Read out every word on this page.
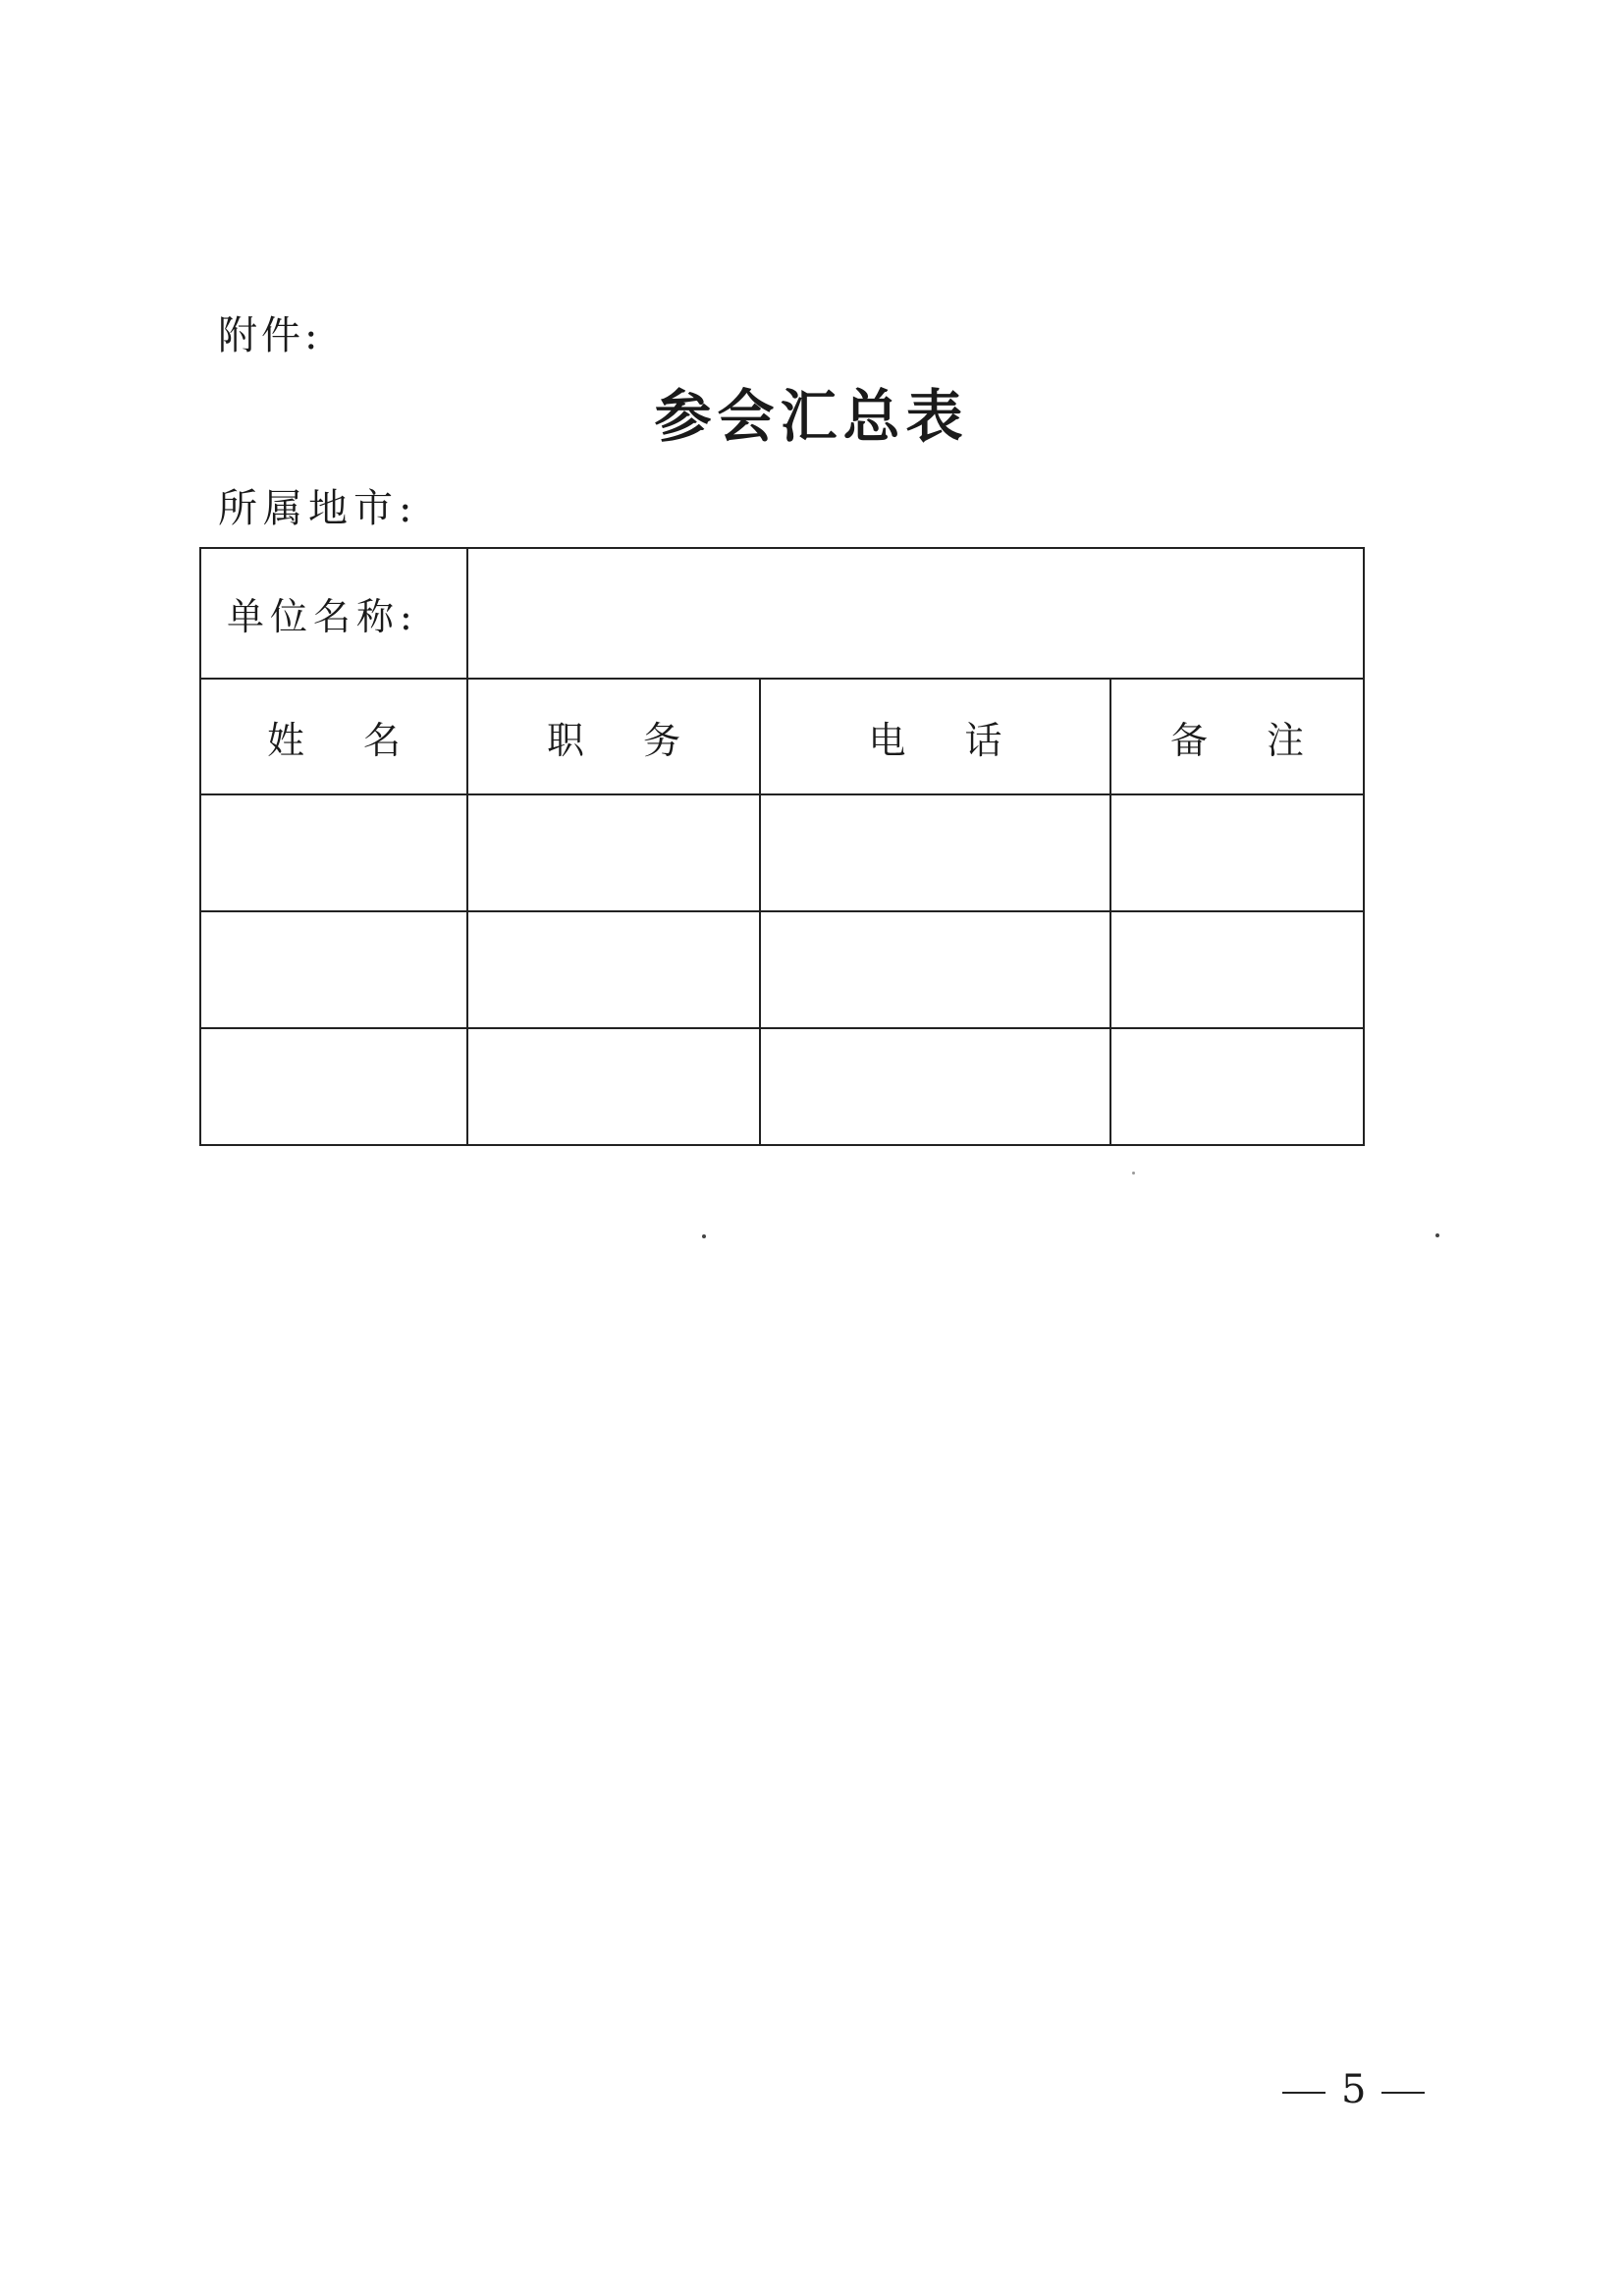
附件:
参会汇总表
所属地市:
单位名称:			
姓 名	职 务	电 话	备 注

5
